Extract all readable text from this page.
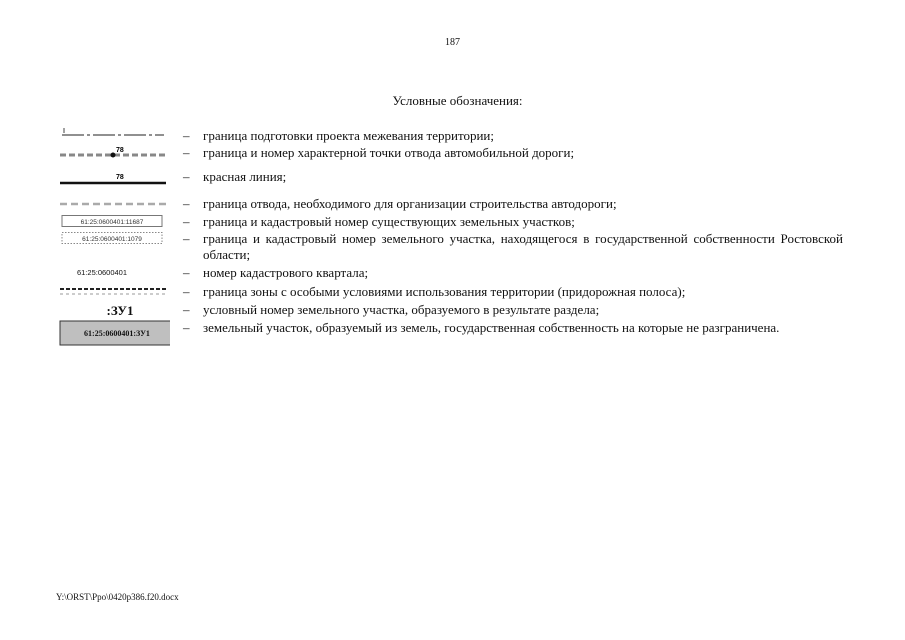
187
Условные обозначения:
– граница подготовки проекта межевания территории;
78	– граница и номер характерной точки отвода автомобильной дороги;
78	– красная линия;
– граница отвода, необходимого для организации строительства автодороги;
61:25:0600401:11687	– граница и кадастровый номер существующих земельных участков;
61:25:0600401:1079	– граница и кадастровый номер земельного участка, находящегося в государственной собственности Ростовской области;
61:25:0600401	– номер кадастрового квартала;
– граница зоны с особыми условиями использования территории (придорожная полоса);
:ЗУ1	– условный номер земельного участка, образуемого в результате раздела;
61:25:0600401:ЗУ1	– земельный участок, образуемый из земель, государственная собственность на которые не разграничена.
Y:\ORST\Ppo\0420p386.f20.docx
